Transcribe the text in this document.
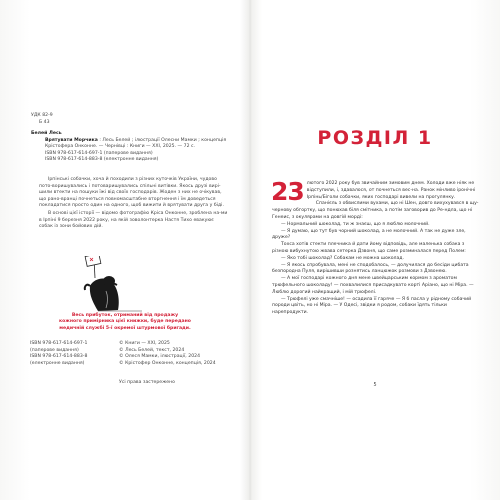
УДК 82-9
Б 43
Белей Лесь
Врятувати Морчика : Лесь Белей ; ілюстрації Олесни Мамки ; концепція Крістофера Онконне. — Чернівці : Книги — XXI, 2025. — 72 с.
ISBN 978-617-614-697-1 (паперове видання)
ISBN 978-617-614-883-8 (електронне видання)

Ірпінські собачки, хоча й походили з різних куточків України, чудово пото-воришувались і потоваришувались спільні витівки. Якось друзі вирі-шили втекти на пошуки їжі від своїх господарів. Жоден з них не очікував, що рано-вранці почнеться повномасштабне вторгнення і їм доведеться покладатися просто один на одного, щоб вижити й врятувати друга у біді.

В основі цієї історії — відомо фотографію Кріса Онконне, зроблена на-ми в Ірпіні 9 березня 2022 року, на якій зоволонтерка Настя Тихо евакуює собак із зони бойових дій.

Весь прибуток, отриманий від продажу
кожного примірника цієї книжки, буде передано
медичній службі 5-ї окремої штурмової бригади.
ISBN 978-617-614-697-1
(паперове видання)
ISBN 978-617-614-883-8
(електронне видання)
© Книги — XXI, 2025
© Лесь Белей, текст, 2024
© Олеся Мамки, ілюстрації, 2024
© Крістофер Онконне, концепція, 2024
Усі права застережено
РОЗДІЛ 1

23 лютого 2022 року був звичайним зимовим днем. Холоди вже ніяк не відступили, і, здавалося, от почнеться вес-на. Ранок мінливо іронічні Ірпінь/Біголи собачки, яких господарі вивели на прогулянку.

Спанієль з обвислими вухами, що ні Шен, довго вихухувався в щу-чернову обгортку, що понюхав біля смітника, а потім заговорив до Ре-ндла, що ні Генеис, з окулярами на довгій морді:

— Нормальний шоколад, ти ж знаєш, що я люблю молочний.

— Я думаю, що тут був чорний шоколад, а не молочний. А так не дуже зле, друже?

Тохса хотів стекти плечника й дати йому відповідь, але маленька собака з різною вибухнутою жвава сетерка Дзвоня, що саме розминалася перед Полем:

— Яко тобі шоколад? Собакам не можна шоколад.

— Я якось спробувала, мені не сподобалось, — долучилася до бесіди цибата безпородна Пуля, вирішивши рознятись ланцюжок розмови з Дзвонею.

— А мої господарі кожного дня мене швейцарським кормом з ароматом трюфельного шоколаду! — похвалилися присадкувато корті Аріано, що ні Міра. — Люблю дорогий найкращий, і мій трюфелі.

— Трюфелі уже смачніше! — осадила її гаряче — Я б пасла у рідному собачий породи цвіть, но ні Міра. — У Одесі, звідки я родом, собаки їдять тільки нарепродукти.

5
